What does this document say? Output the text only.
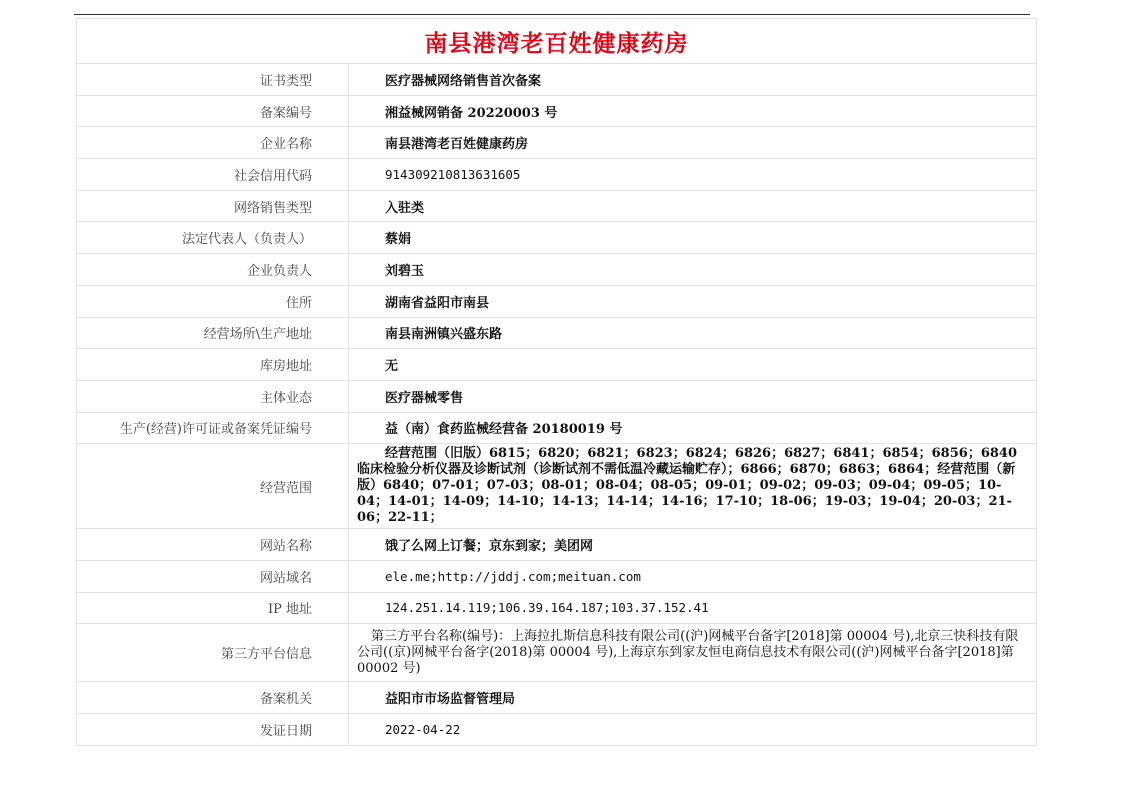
南县港湾老百姓健康药房	
证书类型	医疗器械网络销售首次备案
备案编号	湘益械网销备 20220003 号
企业名称	南县港湾老百姓健康药房
社会信用代码	914309210813631605
网络销售类型	入驻类
法定代表人（负责人）	蔡娟
企业负责人	刘碧玉
住所	湖南省益阳市南县
经营场所\生产地址	南县南洲镇兴盛东路
库房地址	无
主体业态	医疗器械零售
生产(经营)许可证或备案凭证编号	益（南）食药监械经营备 20180019 号
经营范围	经营范围（旧版）6815；6820；6821；6823；6824；6826；6827；6841；6854；6856；6840 临床检验分析仪器及诊断试剂（诊断试剂不需低温冷藏运输贮存）；6866；6870；6863；6864；经营范围（新版）6840；07-01；07-03；08-01；08-04；08-05；09-01；09-02；09-03；09-04；09-05；10-04；14-01；14-09；14-10；14-13；14-14；14-16；17-10；18-06；19-03；19-04；20-03；21-06；22-11；
网站名称	饿了么网上订餐；京东到家；美团网
网站域名	ele.me;http://jddj.com;meituan.com
IP 地址	124.251.14.119;106.39.164.187;103.37.152.41
第三方平台信息	第三方平台名称(编号)：上海拉扎斯信息科技有限公司((沪)网械平台备字[2018]第 00004 号),北京三快科技有限公司((京)网械平台备字(2018)第 00004 号),上海京东到家友恒电商信息技术有限公司((沪)网械平台备字[2018]第 00002 号)
备案机关	益阳市市场监督管理局
发证日期	2022-04-22
